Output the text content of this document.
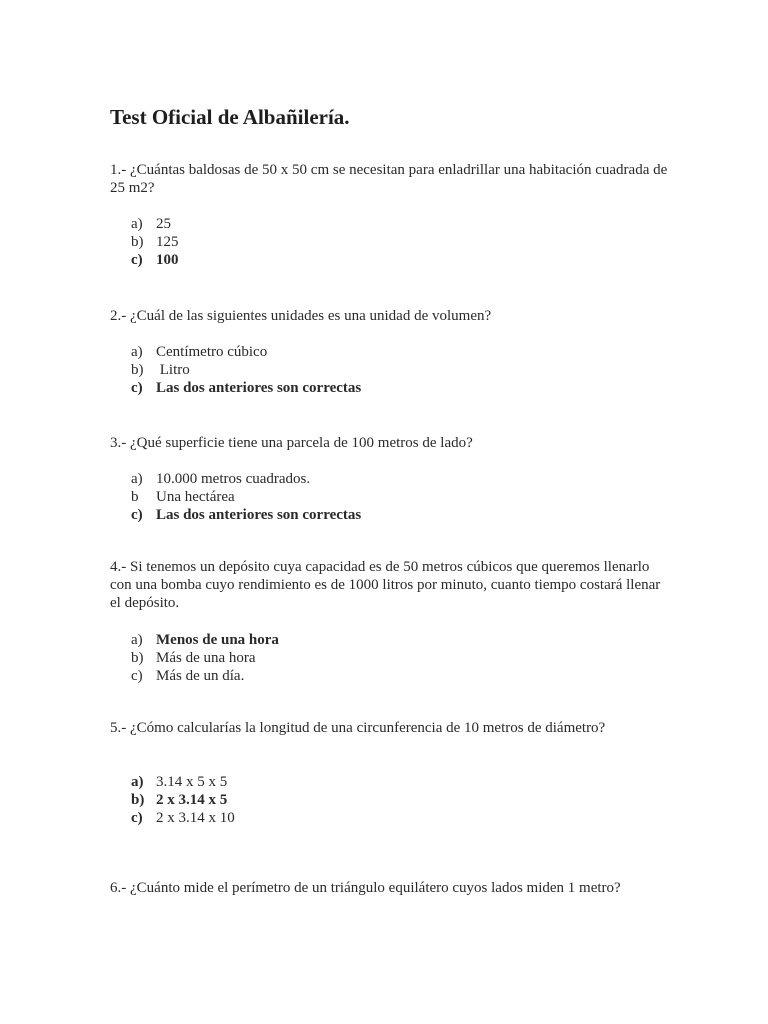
Test Oficial de Albañilería.

1.- ¿Cuántas baldosas de 50 x 50 cm se necesitan para enladrillar una habitación cuadrada de 25 m2?

a) 25
b) 125
c) 100

2.- ¿Cuál de las siguientes unidades es una unidad de volumen?

a) Centímetro cúbico
b) Litro
c) Las dos anteriores son correctas

3.- ¿Qué superficie tiene una parcela de 100 metros de lado?

a) 10.000 metros cuadrados.
b Una hectárea
c) Las dos anteriores son correctas

4.- Si tenemos un depósito cuya capacidad es de 50 metros cúbicos que queremos llenarlo con una bomba cuyo rendimiento es de 1000 litros por minuto, cuanto tiempo costará llenar el depósito.

a) Menos de una hora
b) Más de una hora
c) Más de un día.

5.- ¿Cómo calcularías la longitud de una circunferencia de 10 metros de diámetro?

a) 3.14 x 5 x 5
b) 2 x 3.14 x 5
c) 2 x 3.14 x 10

6.- ¿Cuánto mide el perímetro de un triángulo equilátero cuyos lados miden 1 metro?
